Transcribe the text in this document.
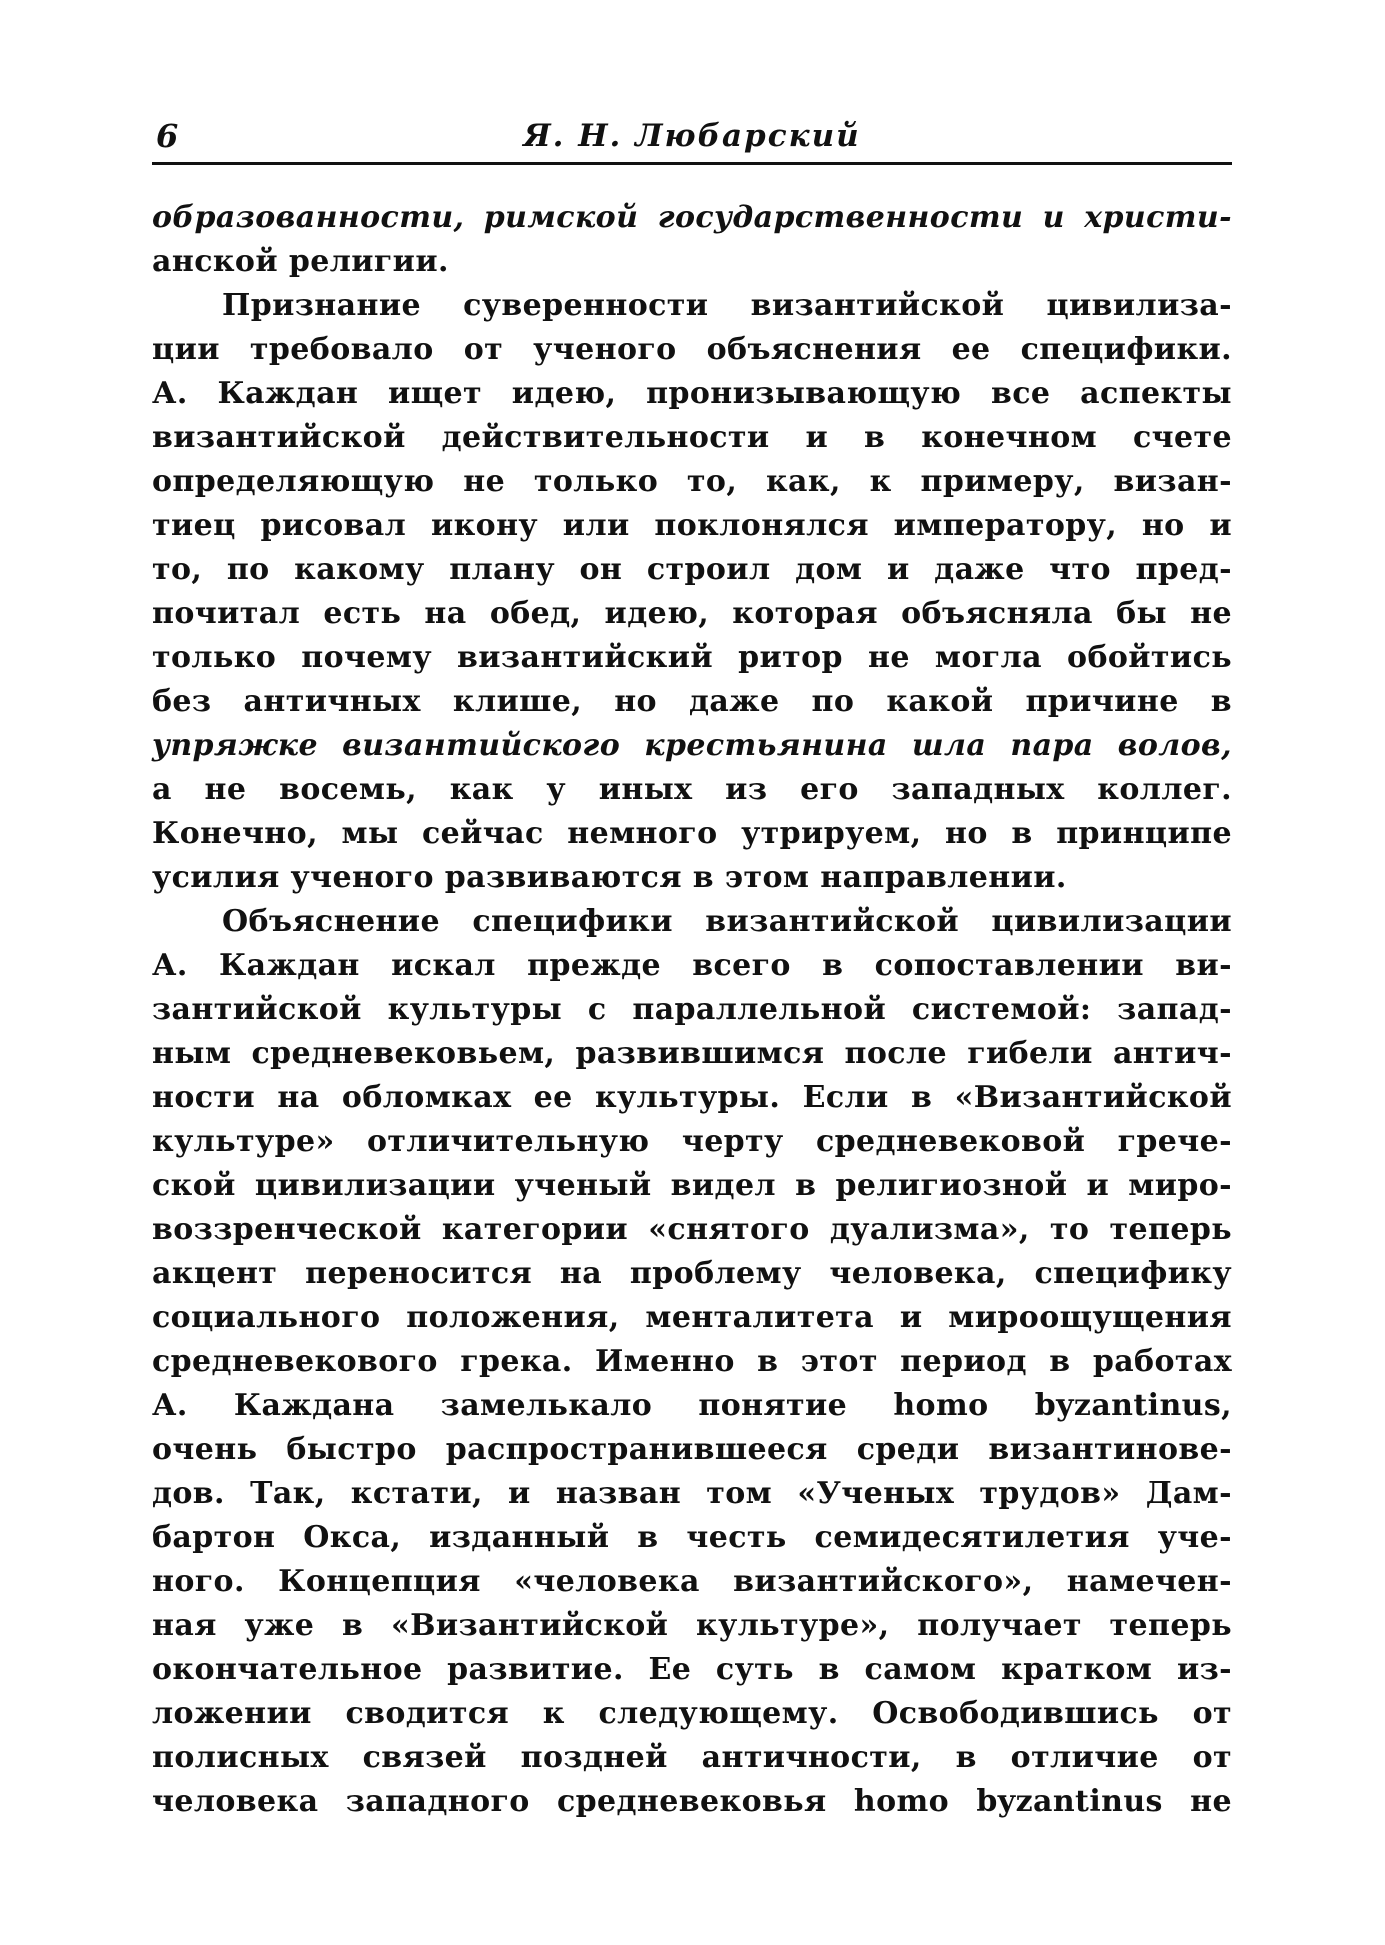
6	Я. Н. Любарский
образованности, римской государственности и христи-
анской религии.
Признание суверенности византийской цивилиза-
ции требовало от ученого объяснения ее специфики.
А. Каждан ищет идею, пронизывающую все аспекты
византийской действительности и в конечном счете
определяющую не только то, как, к примеру, визан-
тиец рисовал икону или поклонялся императору, но и
то, по какому плану он строил дом и даже что пред-
почитал есть на обед, идею, которая объясняла бы не
только почему византийский ритор не могла обойтись
без античных клише, но даже по какой причине в
упряжке византийского крестьянина шла пара волов,
а не восемь, как у иных из его западных коллег.
Конечно, мы сейчас немного утрируем, но в принципе
усилия ученого развиваются в этом направлении.
Объяснение специфики византийской цивилизации
А. Каждан искал прежде всего в сопоставлении ви-
зантийской культуры с параллельной системой: запад-
ным средневековьем, развившимся после гибели антич-
ности на обломках ее культуры. Если в «Византийской
культуре» отличительную черту средневековой грече-
ской цивилизации ученый видел в религиозной и миро-
воззренческой категории «снятого дуализма», то теперь
акцент переносится на проблему человека, специфику
социального положения, менталитета и мироощущения
средневекового грека. Именно в этот период в работах
А. Каждана замелькало понятие homo byzantinus,
очень быстро распространившееся среди византинове-
дов. Так, кстати, и назван том «Ученых трудов» Дам-
бартон Окса, изданный в честь семидесятилетия уче-
ного. Концепция «человека византийского», намечен-
ная уже в «Византийской культуре», получает теперь
окончательное развитие. Ее суть в самом кратком из-
ложении сводится к следующему. Освободившись от
полисных связей поздней античности, в отличие от
человека западного средневековья homo byzantinus не
